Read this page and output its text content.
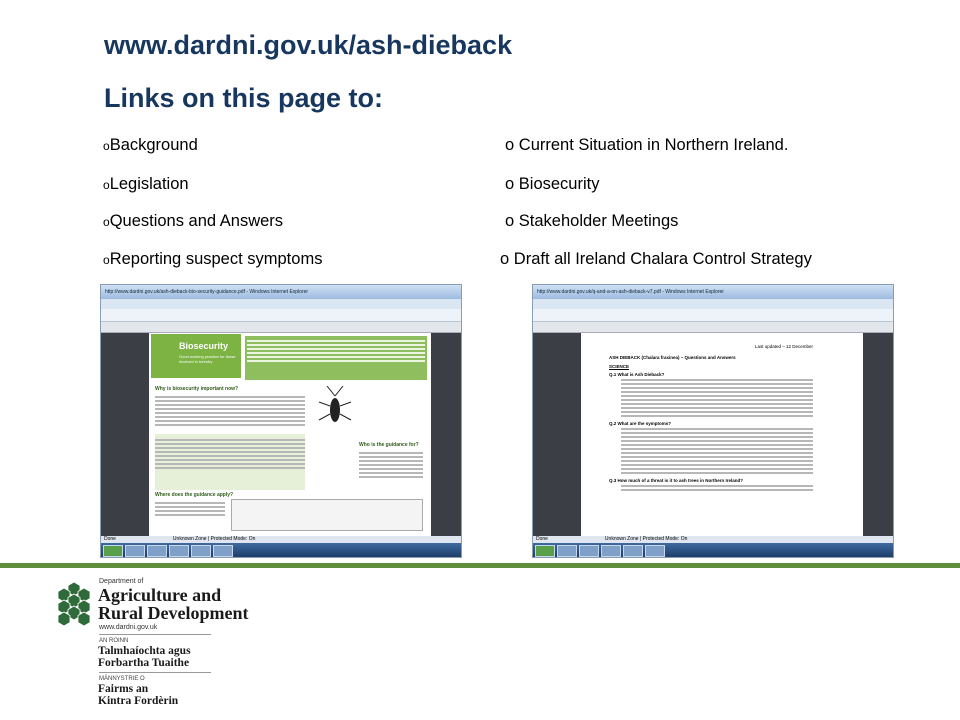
www.dardni.gov.uk/ash-dieback
Links on this page to:
oBackground	o Current Situation in Northern Ireland.
oLegislation	o Biosecurity
oQuestions and Answers	o Stakeholder Meetings
oReporting suspect symptoms	o Draft all Ireland Chalara Control Strategy
http://www.dardni.gov.uk/ash-dieback-bio-security-guidance.pdf - Windows Internet Explorer
Biosecurity
Good working practice for those involved in forestry
Why is biosecurity important now?
Who is the guidance for?
Where does the guidance apply?
Done	Unknown Zone | Protected Mode: On
http://www.dardni.gov.uk/q-and-a-on-ash-dieback-v7.pdf - Windows Internet Explorer
Last updated – 12 December
ASH DIEBACK (Chalara fraxinea) – Questions and Answers
SCIENCE
Q.1 What is Ash Dieback?
Q.2 What are the symptoms?
Q.3 How much of a threat is it to ash trees in Northern Ireland?
Done	Unknown Zone | Protected Mode: On
Department of
Agriculture and
Rural Development
www.dardni.gov.uk
AN ROINN
Talmhaíochta agus
Forbartha Tuaithe
MÄNNYSTRIE O
Fairms an
Kintra Fordèrin
